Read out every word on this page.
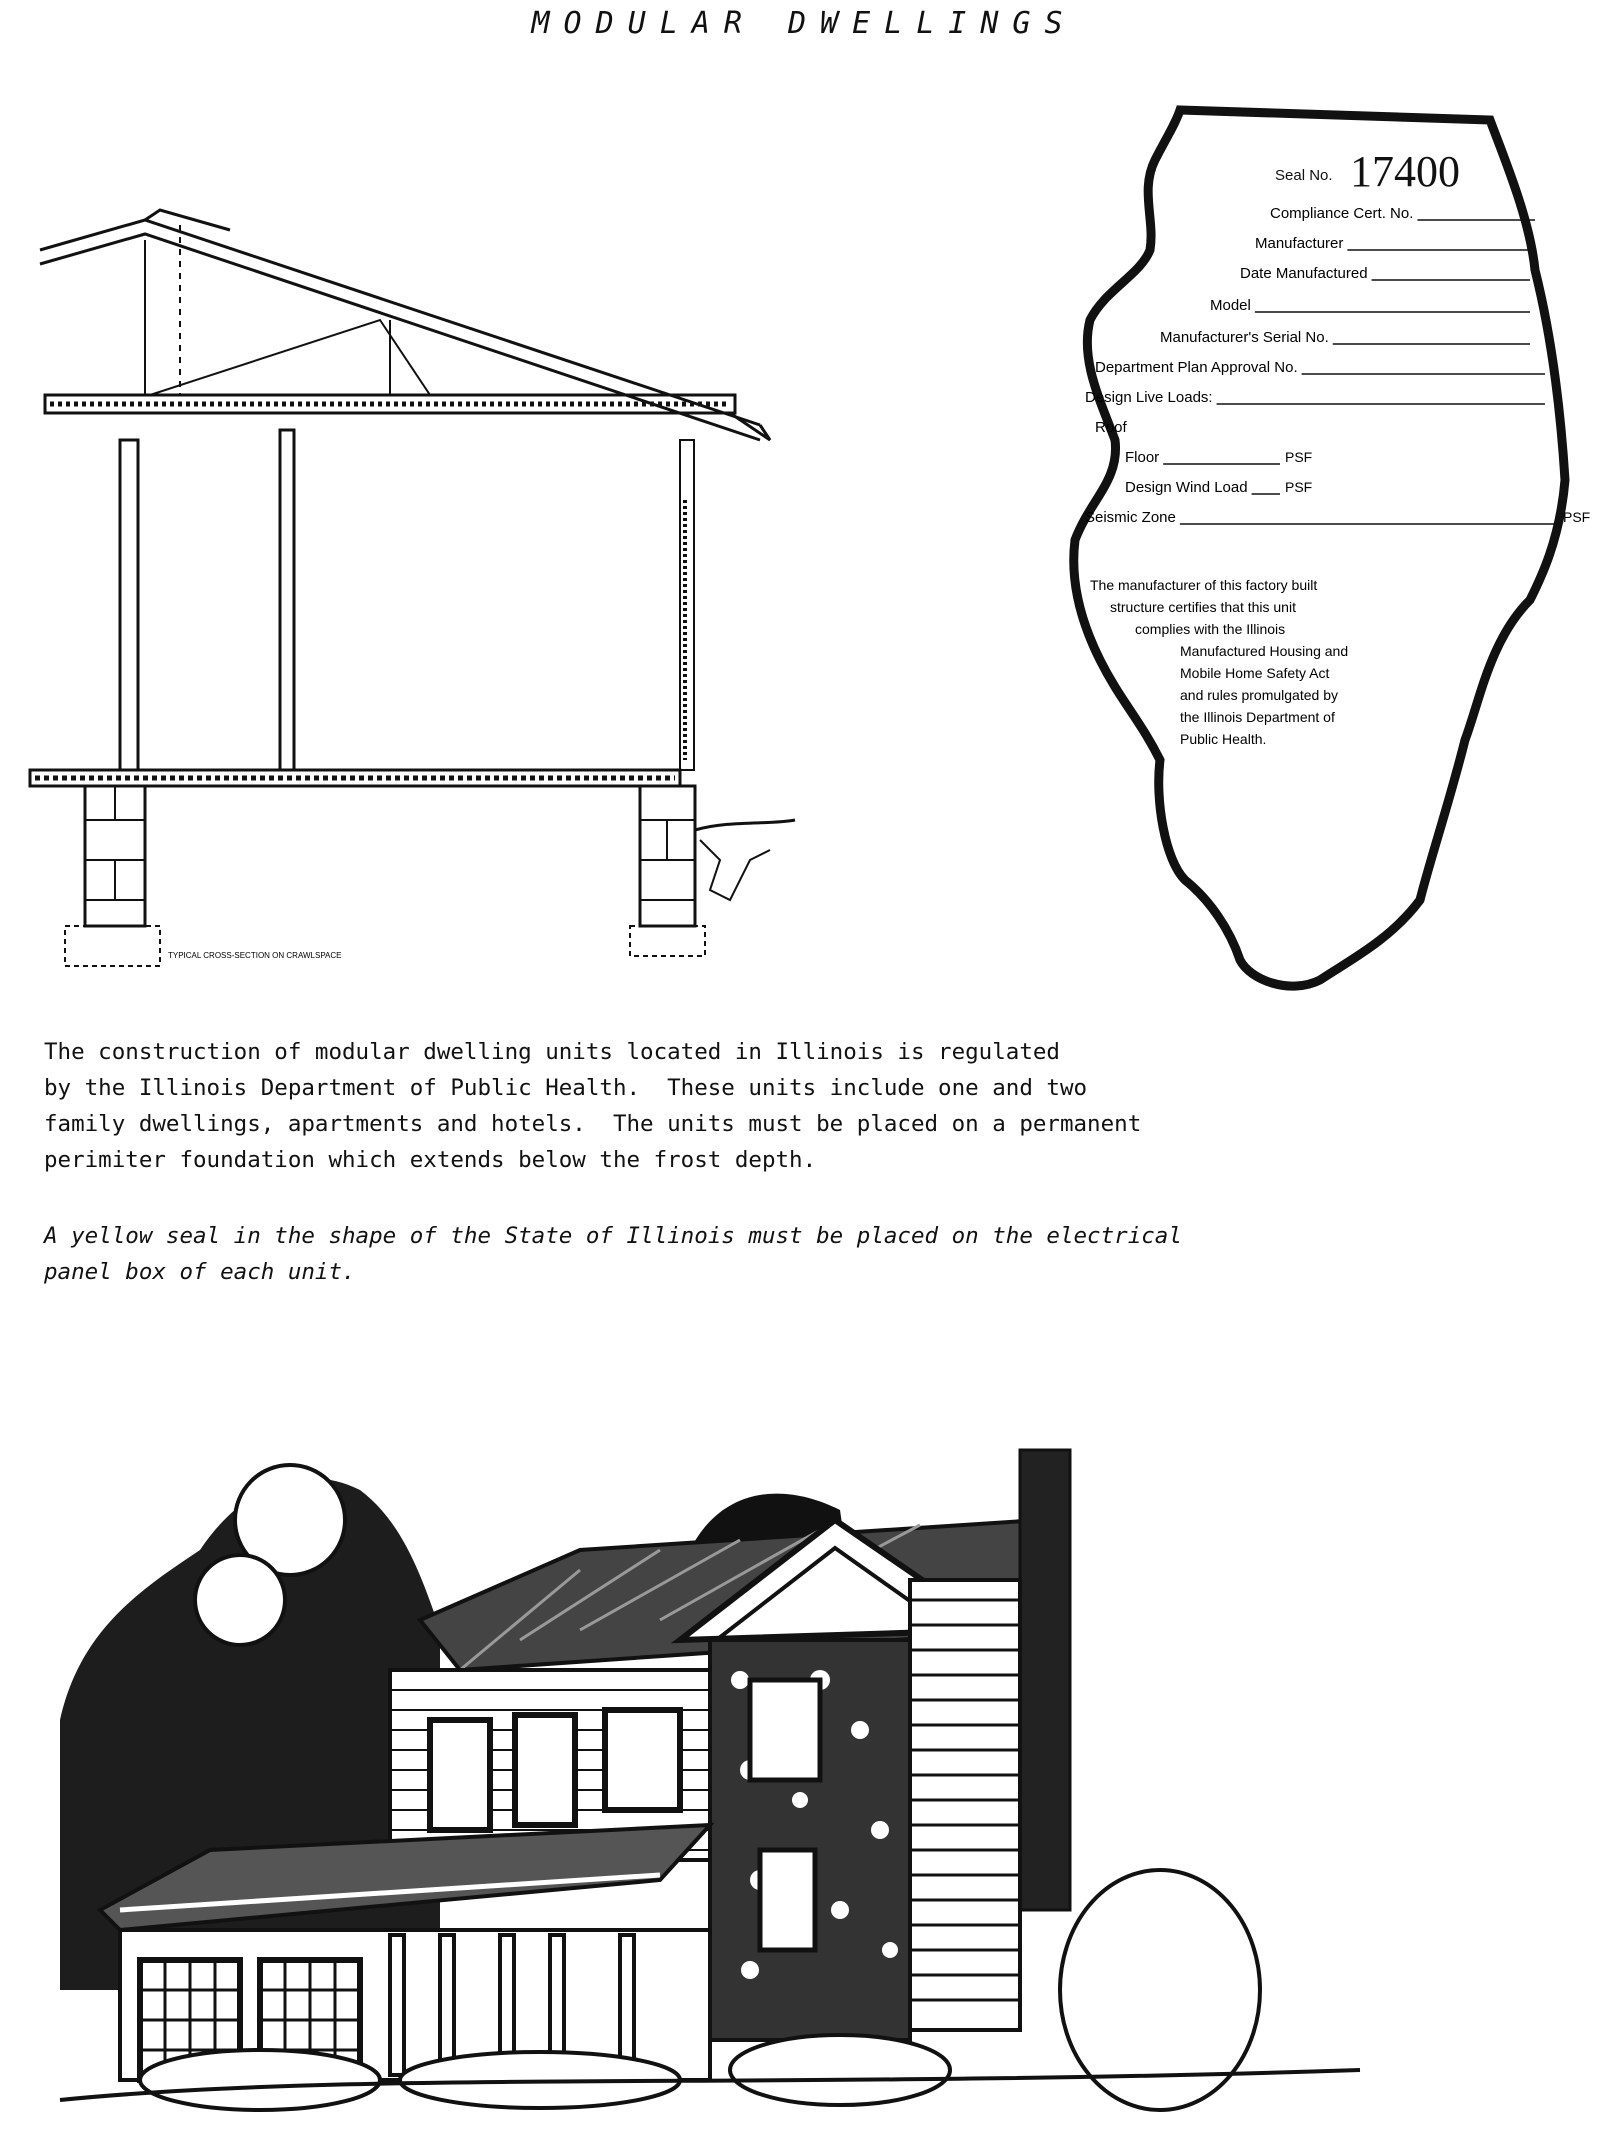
MODULAR DWELLINGS
TYPICAL CROSS-SECTION ON CRAWLSPACE
Seal No. 17400
Compliance Cert. No.
Manufacturer
Date Manufactured
Model
Manufacturer's Serial No.
Department Plan Approval No.
Design Live Loads:
Roof
Floor
Design Wind Load
Seismic Zone
PSF
PSF
PSF
The manufacturer of this factory built
structure certifies that this unit
complies with the Illinois
Manufactured Housing and
Mobile Home Safety Act
and rules promulgated by
the Illinois Department of
Public Health.

The construction of modular dwelling units located in Illinois is regulated
by the Illinois Department of Public Health.  These units include one and two
family dwellings, apartments and hotels.  The units must be placed on a permanent
perimiter foundation which extends below the frost depth.

A yellow seal in the shape of the State of Illinois must be placed on the electrical
panel box of each unit.
